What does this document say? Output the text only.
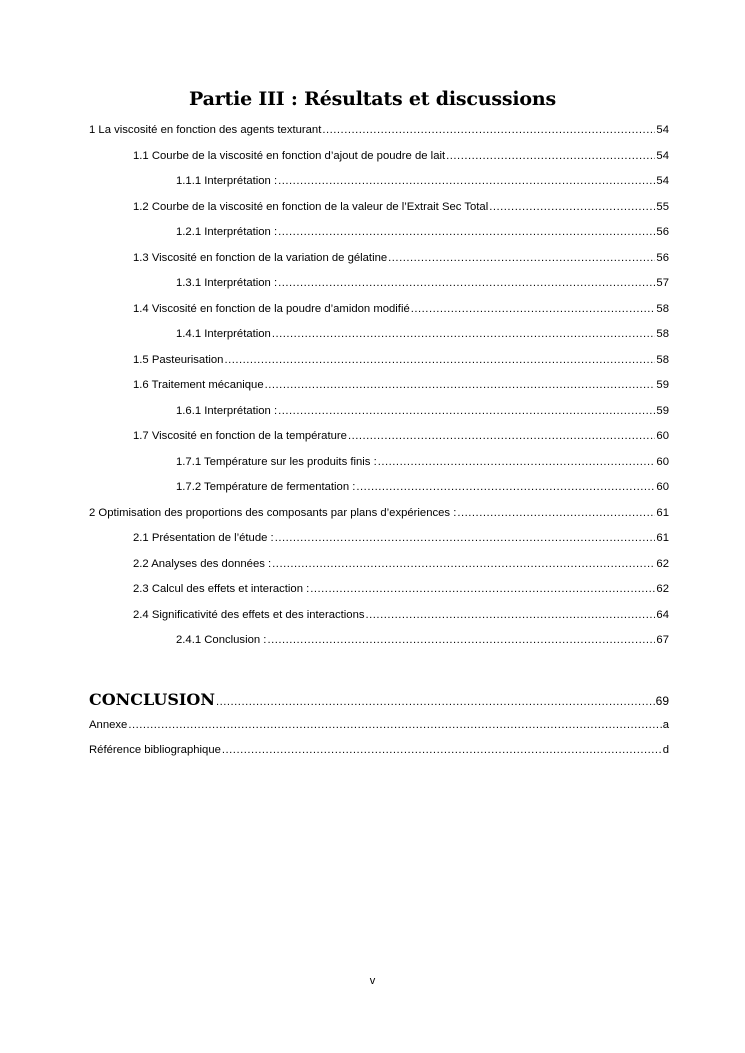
Partie III : Résultats et discussions
1 La viscosité en fonction des agents texturant .....	54
1.1 Courbe de la viscosité en fonction d’ajout de poudre de lait .....	54
1.1.1 Interprétation : .....	54
1.2 Courbe de la viscosité en fonction de la valeur de l’Extrait Sec Total .....	55
1.2.1 Interprétation : .....	56
1.3 Viscosité en fonction de la variation de gélatine .....	56
1.3.1 Interprétation : .....	57
1.4 Viscosité en fonction de la poudre d’amidon modifié .....	58
1.4.1 Interprétation .....	58
1.5 Pasteurisation .....	58
1.6 Traitement mécanique .....	59
1.6.1 Interprétation : .....	59
1.7 Viscosité en fonction de la température .....	60
1.7.1 Température sur les produits finis : .....	60
1.7.2 Température de fermentation : .....	60
2 Optimisation des proportions des composants par plans d’expériences : .....	61
2.1 Présentation de l’étude : .....	61
2.2 Analyses des données : .....	62
2.3 Calcul des effets et interaction : .....	62
2.4 Significativité des effets et des interactions .....	64
2.4.1 Conclusion : .....	67
CONCLUSION .....	69
Annexe .....	a
Référence bibliographique .....	d
v
